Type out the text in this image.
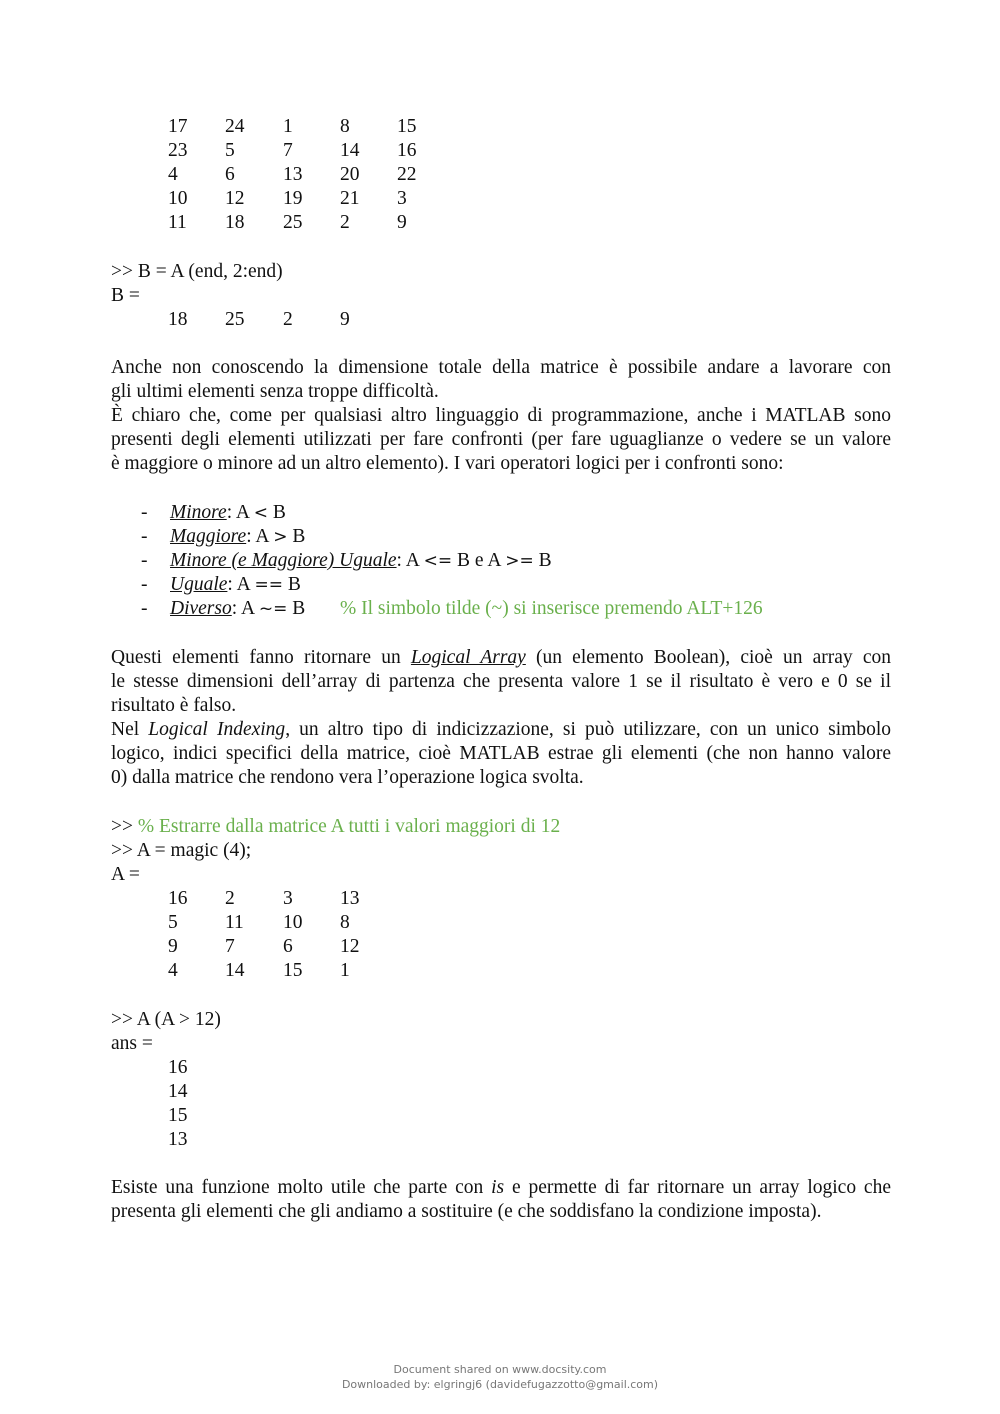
17 24 1 8 15
23 5 7 14 16
4 6 13 20 22
10 12 19 21 3
11 18 25 2 9
>> B = A (end, 2:end)
B =
18 25 2 9
Anche non conoscendo la dimensione totale della matrice è possibile andare a lavorare con
gli ultimi elementi senza troppe difficoltà.
È chiaro che, come per qualsiasi altro linguaggio di programmazione, anche i MATLAB sono
presenti degli elementi utilizzati per fare confronti (per fare uguaglianze o vedere se un valore
è maggiore o minore ad un altro elemento). I vari operatori logici per i confronti sono:
- Minore: A < B
- Maggiore: A > B
- Minore (e Maggiore) Uguale: A <= B e A >= B
- Uguale: A == B
- Diverso: A ~= B % Il simbolo tilde (~) si inserisce premendo ALT+126
Questi elementi fanno ritornare un Logical Array (un elemento Boolean), cioè un array con
le stesse dimensioni dell’array di partenza che presenta valore 1 se il risultato è vero e 0 se il
risultato è falso.
Nel Logical Indexing, un altro tipo di indicizzazione, si può utilizzare, con un unico simbolo
logico, indici specifici della matrice, cioè MATLAB estrae gli elementi (che non hanno valore
0) dalla matrice che rendono vera l’operazione logica svolta.
>> % Estrarre dalla matrice A tutti i valori maggiori di 12
>> A = magic (4);
A =
16 2 3 13
5 11 10 8
9 7 6 12
4 14 15 1
>> A (A > 12)
ans =
16
14
15
13
Esiste una funzione molto utile che parte con is e permette di far ritornare un array logico che
presenta gli elementi che gli andiamo a sostituire (e che soddisfano la condizione imposta).
Document shared on www.docsity.com
Downloaded by: elgringj6 (davidefugazzotto@gmail.com)
